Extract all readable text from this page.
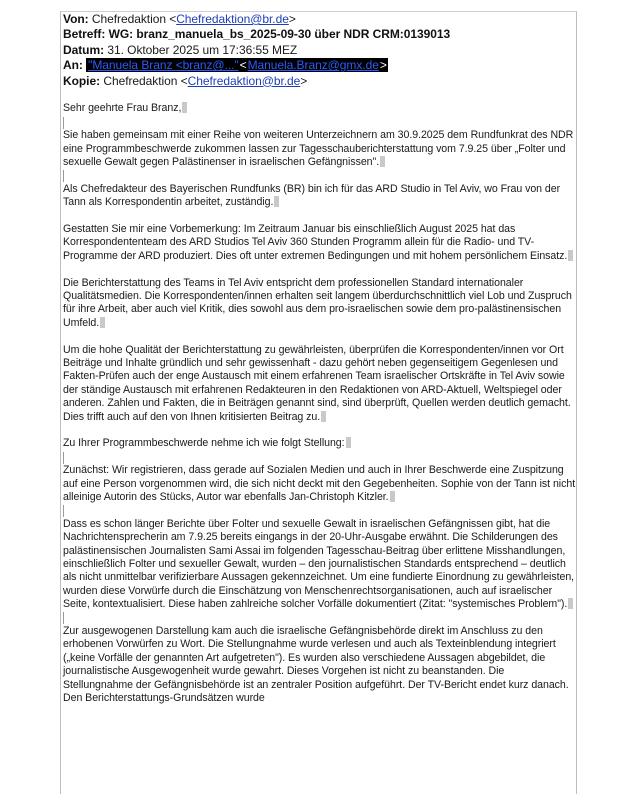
Von: Chefredaktion <Chefredaktion@br.de>
Betreff: WG: branz_manuela_bs_2025-09-30 über NDR CRM:0139013
Datum: 31. Oktober 2025 um 17:36:55 MEZ
An: "Manuela Branz <branz@..."<Manuela.Branz@gmx.de>
Kopie: Chefredaktion <Chefredaktion@br.de>

Sehr geehrte Frau Branz,

Sie haben gemeinsam mit einer Reihe von weiteren Unterzeichnern am 30.9.2025 dem Rundfunkrat des NDR eine Programmbeschwerde zukommen lassen zur Tagesschauberichterstattung vom 7.9.25 über „Folter und sexuelle Gewalt gegen Palästinenser in israelischen Gefängnissen".

Als Chefredakteur des Bayerischen Rundfunks (BR) bin ich für das ARD Studio in Tel Aviv, wo Frau von der Tann als Korrespondentin arbeitet, zuständig.

Gestatten Sie mir eine Vorbemerkung: Im Zeitraum Januar bis einschließlich August 2025 hat das Korrespondententeam des ARD Studios Tel Aviv 360 Stunden Programm allein für die Radio- und TV-Programme der ARD produziert. Dies oft unter extremen Bedingungen und mit hohem persönlichem Einsatz.

Die Berichterstattung des Teams in Tel Aviv entspricht dem professionellen Standard internationaler Qualitätsmedien. Die Korrespondenten/innen erhalten seit langem überdurchschnittlich viel Lob und Zuspruch für ihre Arbeit, aber auch viel Kritik, dies sowohl aus dem pro-israelischen sowie dem pro-palästinensischen Umfeld.

Um die hohe Qualität der Berichterstattung zu gewährleisten, überprüfen die Korrespondenten/innen vor Ort Beiträge und Inhalte gründlich und sehr gewissenhaft - dazu gehört neben gegenseitigem Gegenlesen und Fakten-Prüfen auch der enge Austausch mit einem erfahrenen Team israelischer Ortskräfte in Tel Aviv sowie der ständige Austausch mit erfahrenen Redakteuren in den Redaktionen von ARD-Aktuell, Weltspiegel oder anderen. Zahlen und Fakten, die in Beiträgen genannt sind, sind überprüft, Quellen werden deutlich gemacht. Dies trifft auch auf den von Ihnen kritisierten Beitrag zu.

Zu Ihrer Programmbeschwerde nehme ich wie folgt Stellung:

Zunächst: Wir registrieren, dass gerade auf Sozialen Medien und auch in Ihrer Beschwerde eine Zuspitzung auf eine Person vorgenommen wird, die sich nicht deckt mit den Gegebenheiten. Sophie von der Tann ist nicht alleinige Autorin des Stücks, Autor war ebenfalls Jan-Christoph Kitzler.

Dass es schon länger Berichte über Folter und sexuelle Gewalt in israelischen Gefängnissen gibt, hat die Nachrichtensprecherin am 7.9.25 bereits eingangs in der 20-Uhr-Ausgabe erwähnt. Die Schilderungen des palästinensischen Journalisten Sami Assai im folgenden Tagesschau-Beitrag über erlittene Misshandlungen, einschließlich Folter und sexueller Gewalt, wurden – den journalistischen Standards entsprechend – deutlich als nicht unmittelbar verifizierbare Aussagen gekennzeichnet. Um eine fundierte Einordnung zu gewährleisten, wurden diese Vorwürfe durch die Einschätzung von Menschenrechtsorganisationen, auch auf israelischer Seite, kontextualisiert. Diese haben zahlreiche solcher Vorfälle dokumentiert (Zitat: "systemisches Problem").

Zur ausgewogenen Darstellung kam auch die israelische Gefängnisbehörde direkt im Anschluss zu den erhobenen Vorwürfen zu Wort. Die Stellungnahme wurde verlesen und auch als Texteinblendung integriert („keine Vorfälle der genannten Art aufgetreten"). Es wurden also verschiedene Aussagen abgebildet, die journalistische Ausgewogenheit wurde gewahrt. Dieses Vorgehen ist nicht zu beanstanden. Die Stellungnahme der Gefängnisbehörde ist an zentraler Position aufgeführt. Der TV-Bericht endet kurz danach. Den Berichterstattungs-Grundsätzen wurde
